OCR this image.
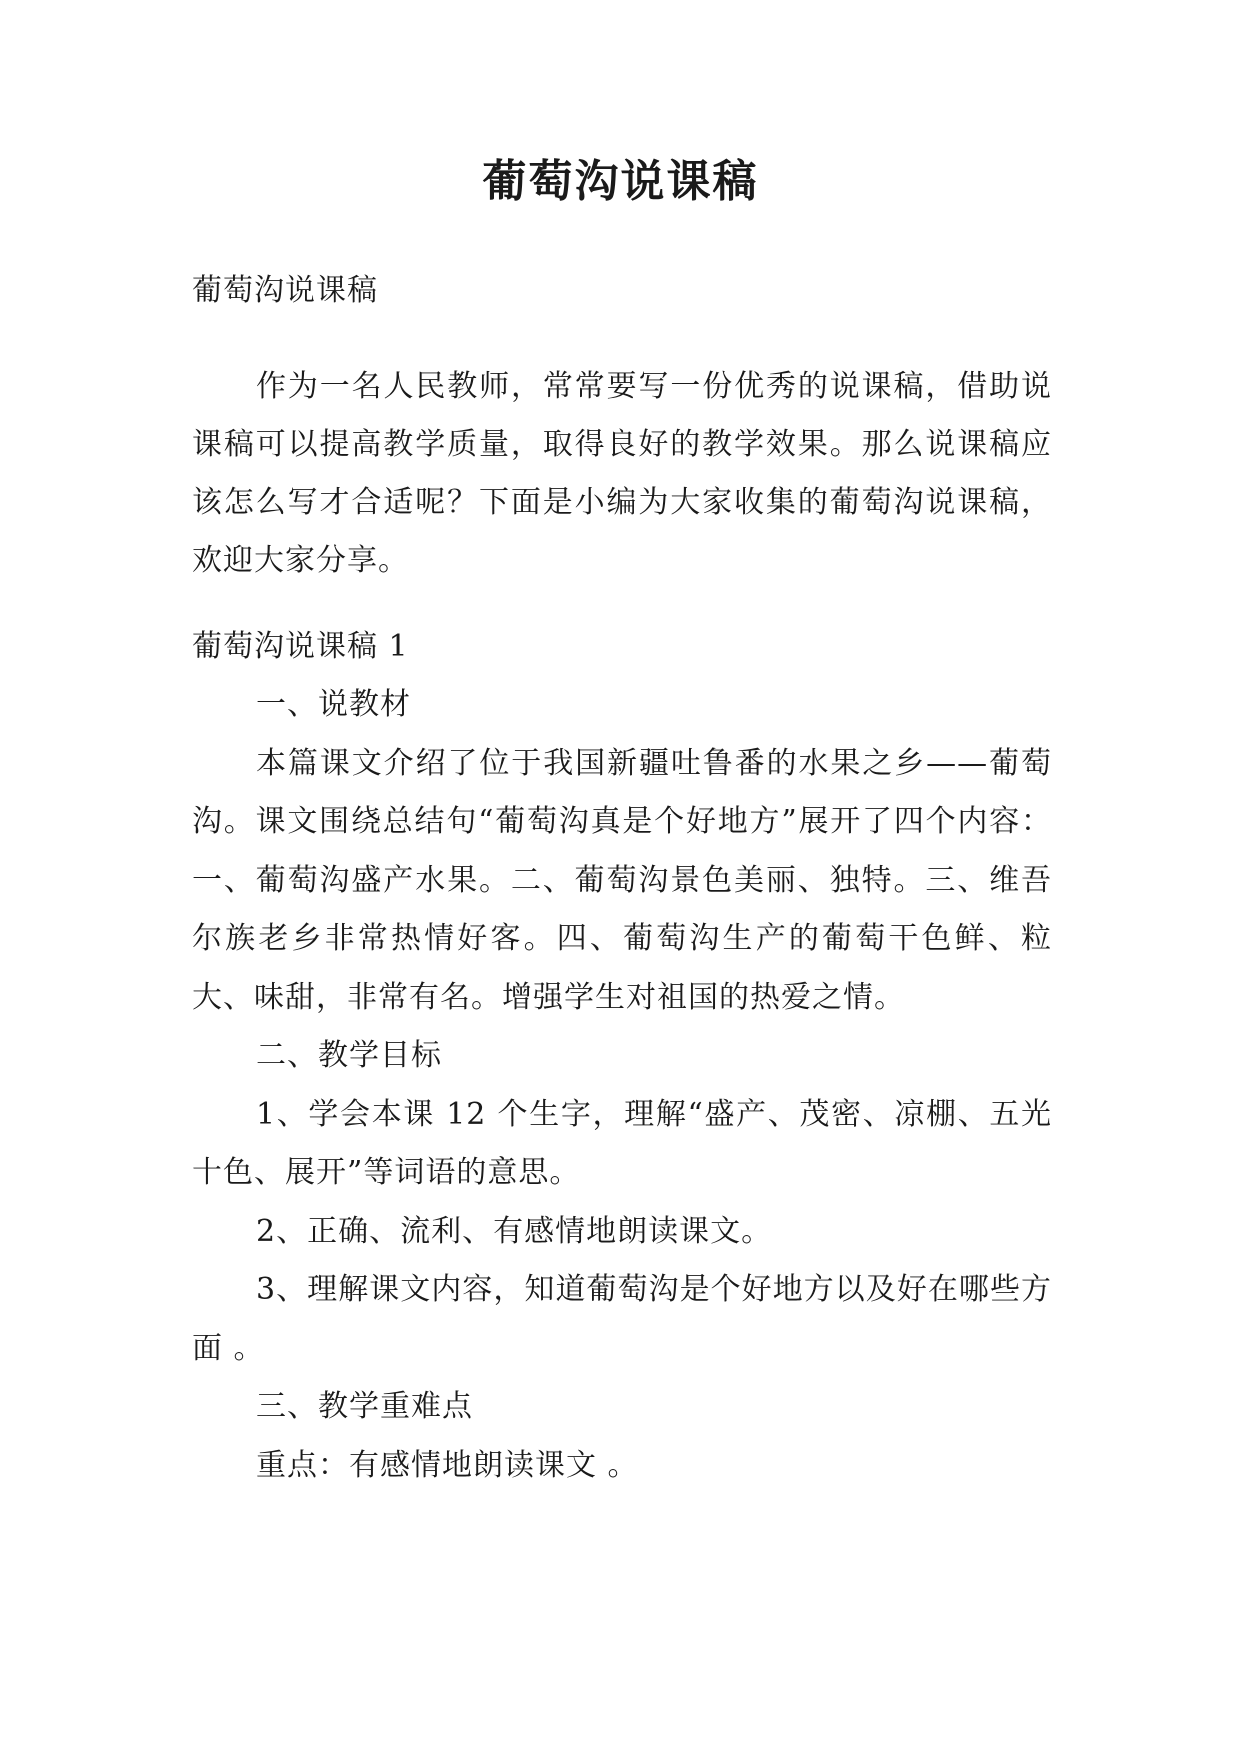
葡萄沟说课稿

葡萄沟说课稿

作为一名人民教师，常常要写一份优秀的说课稿，借助说课稿可以提高教学质量，取得良好的教学效果。那么说课稿应该怎么写才合适呢？下面是小编为大家收集的葡萄沟说课稿，欢迎大家分享。

葡萄沟说课稿 1

一、说教材

本篇课文介绍了位于我国新疆吐鲁番的水果之乡——葡萄沟。课文围绕总结句“葡萄沟真是个好地方”展开了四个内容：一、葡萄沟盛产水果。二、葡萄沟景色美丽、独特。三、维吾尔族老乡非常热情好客。四、葡萄沟生产的葡萄干色鲜、粒大、味甜，非常有名。增强学生对祖国的热爱之情。

二、教学目标

1、学会本课 12 个生字，理解“盛产、茂密、凉棚、五光十色、展开”等词语的意思。

2、正确、流利、有感情地朗读课文。

3、理解课文内容，知道葡萄沟是个好地方以及好在哪些方面 。

三、教学重难点

重点：有感情地朗读课文 。
